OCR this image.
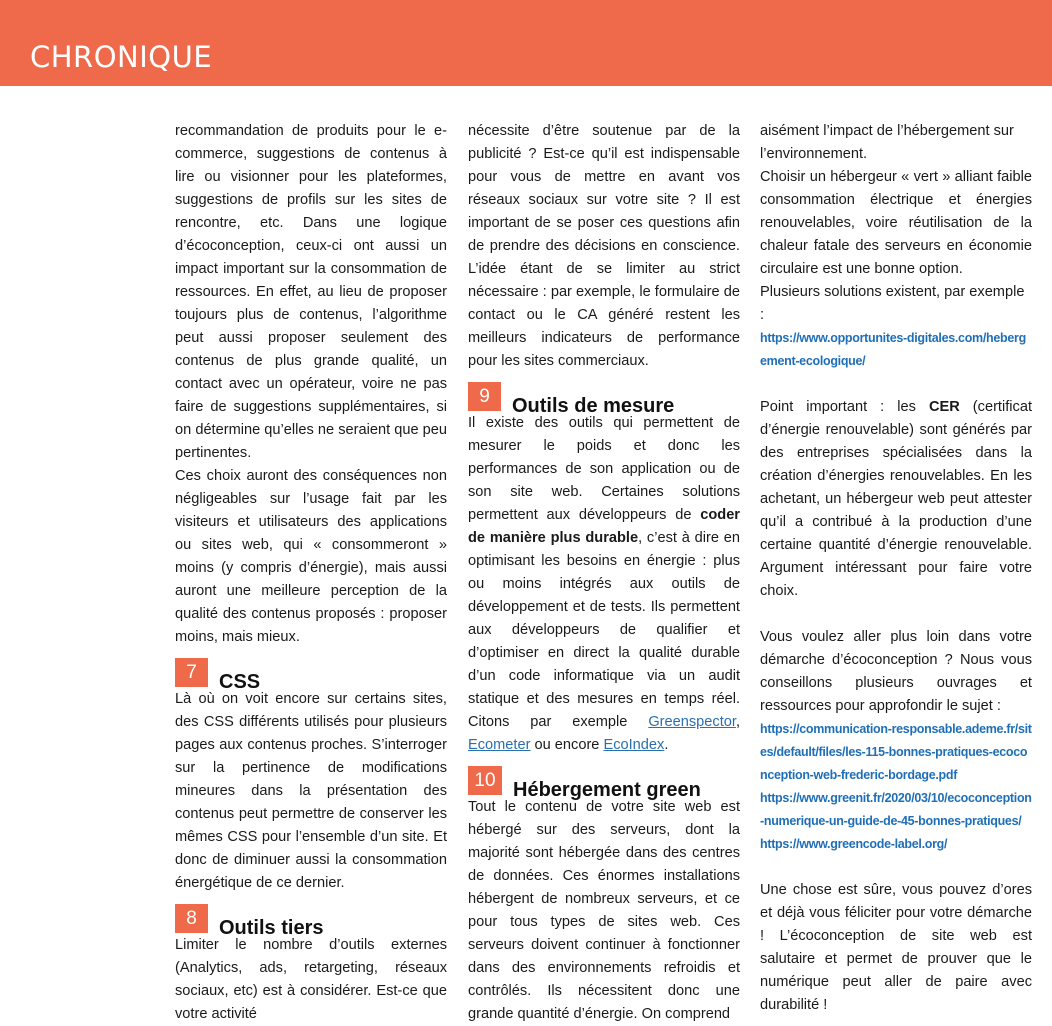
CHRONIQUE

recommandation de produits pour le e-commerce, suggestions de contenus à lire ou visionner pour les plateformes, suggestions de profils sur les sites de rencontre, etc. Dans une logique d’écoconception, ceux-ci ont aussi un impact important sur la consommation de ressources. En effet, au lieu de proposer toujours plus de contenus, l’algorithme peut aussi proposer seulement des contenus de plus grande qualité, un contact avec un opérateur, voire ne pas faire de suggestions supplémentaires, si on détermine qu’elles ne seraient que peu pertinentes.

Ces choix auront des conséquences non négligeables sur l’usage fait par les visiteurs et utilisateurs des applications ou sites web, qui « consommeront » moins (y compris d’énergie), mais aussi auront une meilleure perception de la qualité des contenus proposés : proposer moins, mais mieux.

7	CSS

Là où on voit encore sur certains sites, des CSS différents utilisés pour plusieurs pages aux contenus proches. S’interroger sur la pertinence de modifications mineures dans la présentation des contenus peut permettre de conserver les mêmes CSS pour l’ensemble d’un site. Et donc de diminuer aussi la consommation énergétique de ce dernier.

8	Outils tiers

Limiter le nombre d’outils externes (Analytics, ads, retargeting, réseaux sociaux, etc) est à considérer. Est-ce que votre activité

nécessite d’être soutenue par de la publicité ? Est-ce qu’il est indispensable pour vous de mettre en avant vos réseaux sociaux sur votre site ? Il est important de se poser ces questions afin de prendre des décisions en conscience. L’idée étant de se limiter au strict nécessaire : par exemple, le formulaire de contact ou le CA généré restent les meilleurs indicateurs de performance pour les sites commerciaux.

9	Outils de mesure

Il existe des outils qui permettent de mesurer le poids et donc les performances de son application ou de son site web. Certaines solutions permettent aux développeurs de coder de manière plus durable, c’est à dire en optimisant les besoins en énergie : plus ou moins intégrés aux outils de développement et de tests. Ils permettent aux développeurs de qualifier et d’optimiser en direct la qualité durable d’un code informatique via un audit statique et des mesures en temps réel. Citons par exemple Greenspector, Ecometer ou encore EcoIndex.

10 Hébergement green

Tout le contenu de votre site web est hébergé sur des serveurs, dont la majorité sont hébergée dans des centres de données. Ces énormes installations hébergent de nombreux serveurs, et ce pour tous types de sites web. Ces serveurs doivent continuer à fonctionner dans des environnements refroidis et contrôlés. Ils nécessitent donc une grande quantité d’énergie. On comprend

aisément l’impact de l’hébergement sur l’environnement.

Choisir un hébergeur « vert » alliant faible consommation électrique et énergies renouvelables, voire réutilisation de la chaleur fatale des serveurs en économie circulaire est une bonne option.

Plusieurs solutions existent, par exemple :

https://www.opportunites-digitales.com/hebergement-ecologique/

Point important : les CER (certificat d’énergie renouvelable) sont générés par des entreprises spécialisées dans la création d’énergies renouvelables. En les achetant, un hébergeur web peut attester qu’il a contribué à la production d’une certaine quantité d’énergie renouvelable. Argument intéressant pour faire votre choix.

Vous voulez aller plus loin dans votre démarche d’écoconception ? Nous vous conseillons plusieurs ouvrages et ressources pour approfondir le sujet :

https://communication-responsable.ademe.fr/sites/default/files/les-115-bonnes-pratiques-ecoconception-web-frederic-bordage.pdf
https://www.greenit.fr/2020/03/10/ecoconception-numerique-un-guide-de-45-bonnes-pratiques/
https://www.greencode-label.org/

Une chose est sûre, vous pouvez d’ores et déjà vous féliciter pour votre démarche ! L’écoconception de site web est salutaire et permet de prouver que le numérique peut aller de paire avec durabilité !
